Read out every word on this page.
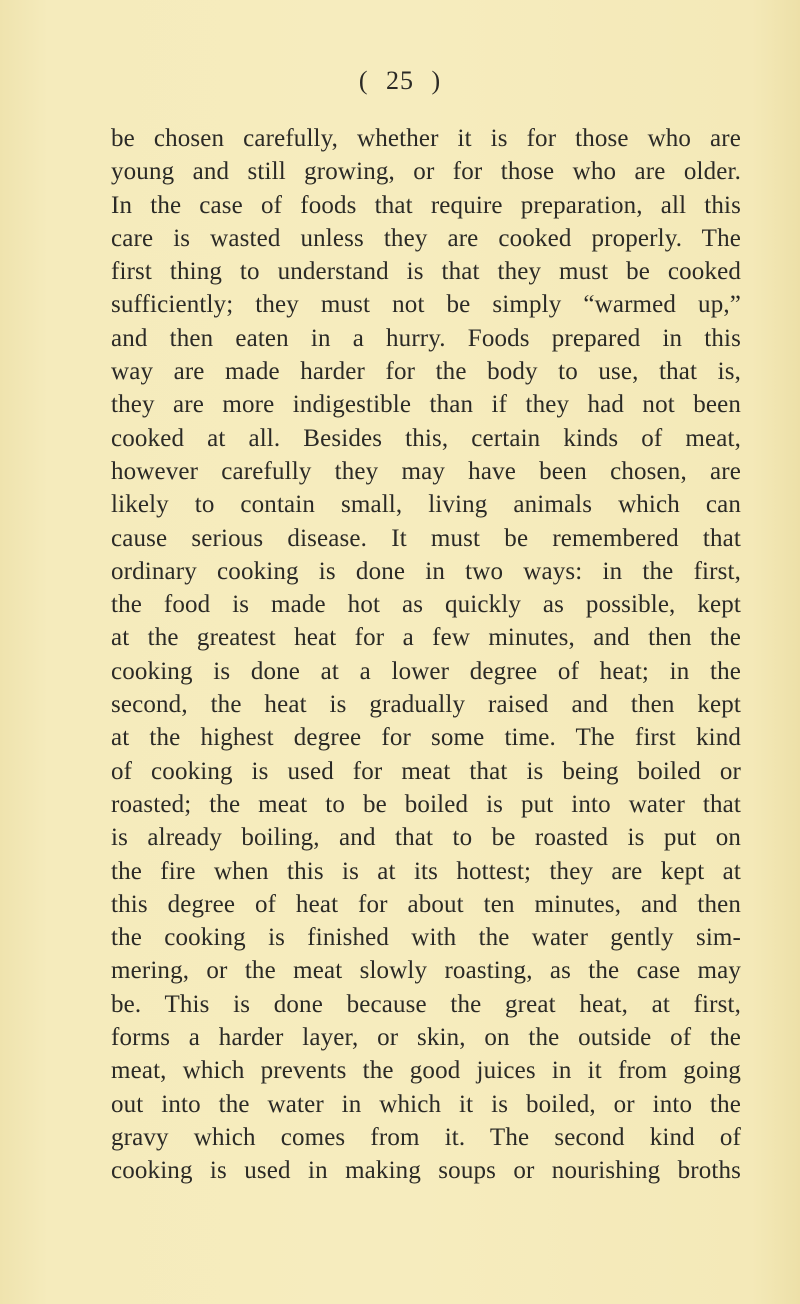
( 25 )
be chosen carefully, whether it is for those who are
young and still growing, or for those who are older.
In the case of foods that require preparation, all this
care is wasted unless they are cooked properly. The
first thing to understand is that they must be cooked
sufficiently; they must not be simply “warmed up,”
and then eaten in a hurry. Foods prepared in this
way are made harder for the body to use, that is,
they are more indigestible than if they had not been
cooked at all. Besides this, certain kinds of meat,
however carefully they may have been chosen, are
likely to contain small, living animals which can
cause serious disease. It must be remembered that
ordinary cooking is done in two ways: in the first,
the food is made hot as quickly as possible, kept
at the greatest heat for a few minutes, and then the
cooking is done at a lower degree of heat; in the
second, the heat is gradually raised and then kept
at the highest degree for some time. The first kind
of cooking is used for meat that is being boiled or
roasted; the meat to be boiled is put into water that
is already boiling, and that to be roasted is put on
the fire when this is at its hottest; they are kept at
this degree of heat for about ten minutes, and then
the cooking is finished with the water gently sim-
mering, or the meat slowly roasting, as the case may
be. This is done because the great heat, at first,
forms a harder layer, or skin, on the outside of the
meat, which prevents the good juices in it from going
out into the water in which it is boiled, or into the
gravy which comes from it. The second kind of
cooking is used in making soups or nourishing broths
